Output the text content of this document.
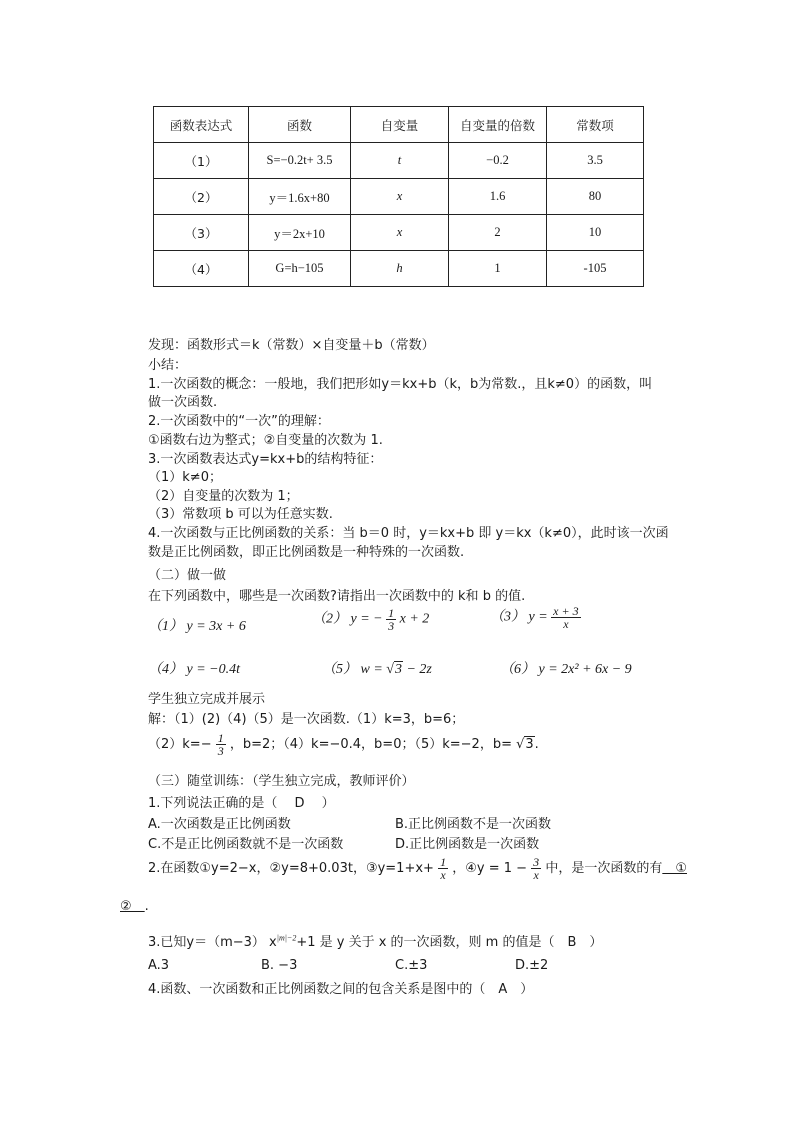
函数表达式	函数	自变量	自变量的倍数	常数项
（1）	S=−0.2t+ 3.5	t	−0.2	3.5
（2）	y＝1.6x+80	x	1.6	80
（3）	y＝2x+10	x	2	10
（4）	G=h−105	h	1	-105
发现：函数形式＝k（常数）×自变量＋b（常数）
小结：
1.一次函数的概念：一般地，我们把形如y＝kx+b（k，b为常数.，且k≠0）的函数，叫
做一次函数.
2.一次函数中的“一次”的理解：
①函数右边为整式；②自变量的次数为 1.
3.一次函数表达式y=kx+b的结构特征：
（1）k≠0；
（2）自变量的次数为 1；
（3）常数项 b 可以为任意实数.
4.一次函数与正比例函数的关系：当 b＝0 时，y＝kx+b 即 y＝kx（k≠0），此时该一次函
数是正比例函数，即正比例函数是一种特殊的一次函数.
（二）做一做
在下列函数中，哪些是一次函数?请指出一次函数中的 k和 b 的值.
（1） y = 3x + 6	（2） y = − $\frac{1}{3}$ x + 2	（3） $y = \frac{x + 3}{x}$
（4） y = −0.4t	（5） w = √3 − 2z	（6） y = 2x² + 6x − 9
学生独立完成并展示
解：（1）(2)（4)（5）是一次函数.（1）k=3，b=6；
$(2)k=- \frac{1}{3}$ ，b=2；（4）k=−0.4，b=0；（5）k=−2，b= √3.
（三）随堂训练：（学生独立完成，教师评价）
1.下列说法正确的是（　 D　 ）
A.一次函数是正比例函数	B.正比例函数不是一次函数
C.不是正比例函数就不是一次函数	D.正比例函数是一次函数
2.在函数①y=2−x，②y=8+0.03t，③y=1+x+ $\frac{1}{x}$ ，④y = $1 - \frac{3}{x}$ 中，是一次函数的有　①
②　.
3.已知y＝（m−3） $x^{|m|-2}+1$ 是 y 关于 x 的一次函数，则 m 的值是（　B　）
A.3	B. −3	C.±3	D.±2
4.函数、一次函数和正比例函数之间的包含关系是图中的（　A　）
